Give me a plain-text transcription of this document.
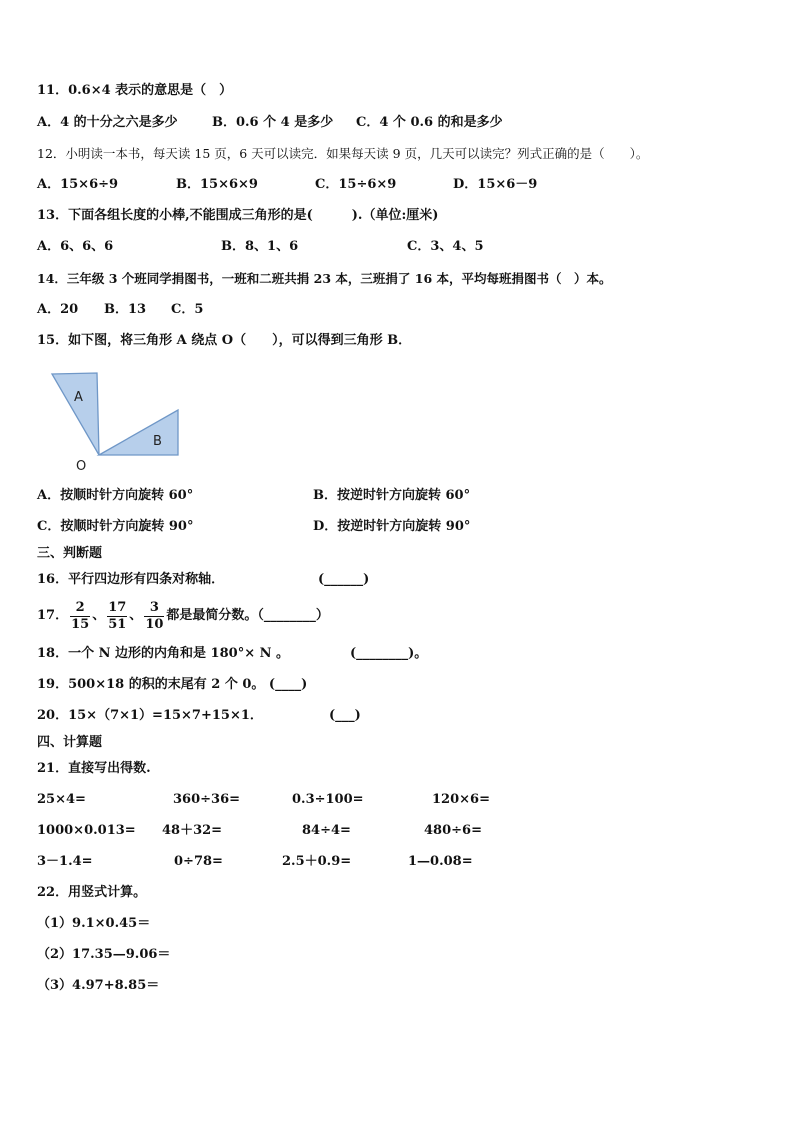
11．0.6×4 表示的意思是（　）
A．4 的十分之六是多少	B．0.6 个 4 是多少 C．4 个 0.6 的和是多少
12．小明读一本书，每天读 15 页，6 天可以读完．如果每天读 9 页，几天可以读完？列式正确的是（　　）。
A．15×6÷9	B．15×6×9	C．15÷6×9	D．15×6－9
13．下面各组长度的小棒,不能围成三角形的是(　　　).（单位:厘米)
A．6、6、6	B．8、1、6	C．3、4、5
14．三年级 3 个班同学捐图书，一班和二班共捐 23 本，三班捐了 16 本，平均每班捐图书（　）本。
A．20 B．13 C．5
15．如下图，将三角形 A 绕点 O（　　），可以得到三角形 B．
A
B
O
A．按顺时针方向旋转 60°	B．按逆时针方向旋转 60°
C．按顺时针方向旋转 90°	D．按逆时针方向旋转 90°
三、判断题
16．平行四边形有四条对称轴．	(______)
17． $\frac{2}{15}$ 、 $\frac{17}{51}$ 、 $\frac{3}{10}$ 都是最简分数。（________）
18．一个 N 边形的内角和是 180°× N 。	(________)。
19．500×18 的积的末尾有 2 个 0。 (____)
20．15×（7×1）=15×7+15×1．	(___)
四、计算题
21．直接写出得数.
25×4=	360÷36=	0.3÷100=	120×6=
1000×0.013= 48＋32=	84÷4=	480÷6=
3－1.4=	0÷78=	2.5＋0.9=	1—0.08=
22．用竖式计算。
（1）9.1×0.45＝
（2）17.35—9.06＝
（3）4.97+8.85＝
